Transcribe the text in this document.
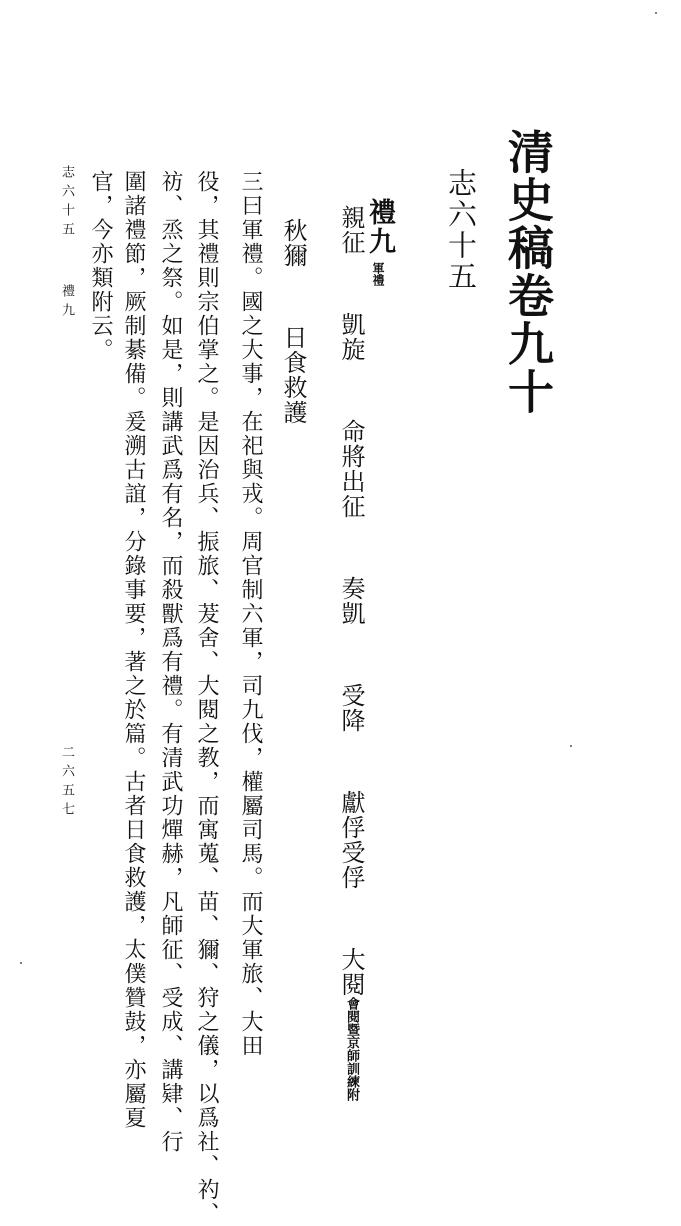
清史稿卷九十
志六十五
禮九
軍禮
親征 凱旋 命將出征 奏凱 受降 獻俘受俘 大閱會閱暨京師訓練附
秋獮 日食救護
三曰軍禮。國之大事，在祀與戎。周官制六軍，司九伐，權屬司馬。而大軍旅、大田
役，其禮則宗伯掌之。是因治兵、振旅、茇舍、大閱之教，而寓蒐、苗、獮、狩之儀，以爲社、礿、
祊、烝之祭。如是，則講武爲有名，而殺獸爲有禮。有清武功燀赫，凡師征、受成、講肄、行
圍諸禮節，厥制綦備。爰溯古誼，分錄事要，著之於篇。古者日食救護，太僕贊鼓，亦屬夏
官，今亦類附云。
志六十五 禮九
二六五七
